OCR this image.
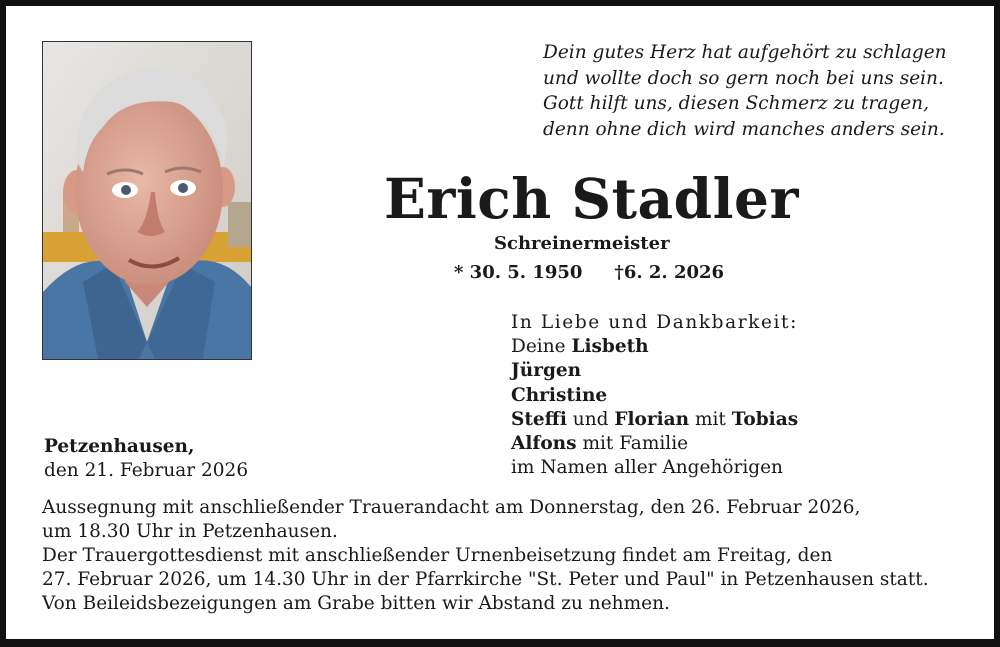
Dein gutes Herz hat aufgehört zu schlagen
und wollte doch so gern noch bei uns sein.
Gott hilft uns, diesen Schmerz zu tragen,
denn ohne dich wird manches anders sein.
Erich Stadler
Schreinermeister
* 30. 5. 1950 †6. 2. 2026
In Liebe und Dankbarkeit:
Deine Lisbeth
Jürgen
Christine
Steffi und Florian mit Tobias
Alfons mit Familie
im Namen aller Angehörigen
Petzenhausen,
den 21. Februar 2026
Aussegnung mit anschließender Trauerandacht am Donnerstag, den 26. Februar 2026,
um 18.30 Uhr in Petzenhausen.
Der Trauergottesdienst mit anschließender Urnenbeisetzung findet am Freitag, den
27. Februar 2026, um 14.30 Uhr in der Pfarrkirche "St. Peter und Paul" in Petzenhausen statt.
Von Beileidsbezeigungen am Grabe bitten wir Abstand zu nehmen.
